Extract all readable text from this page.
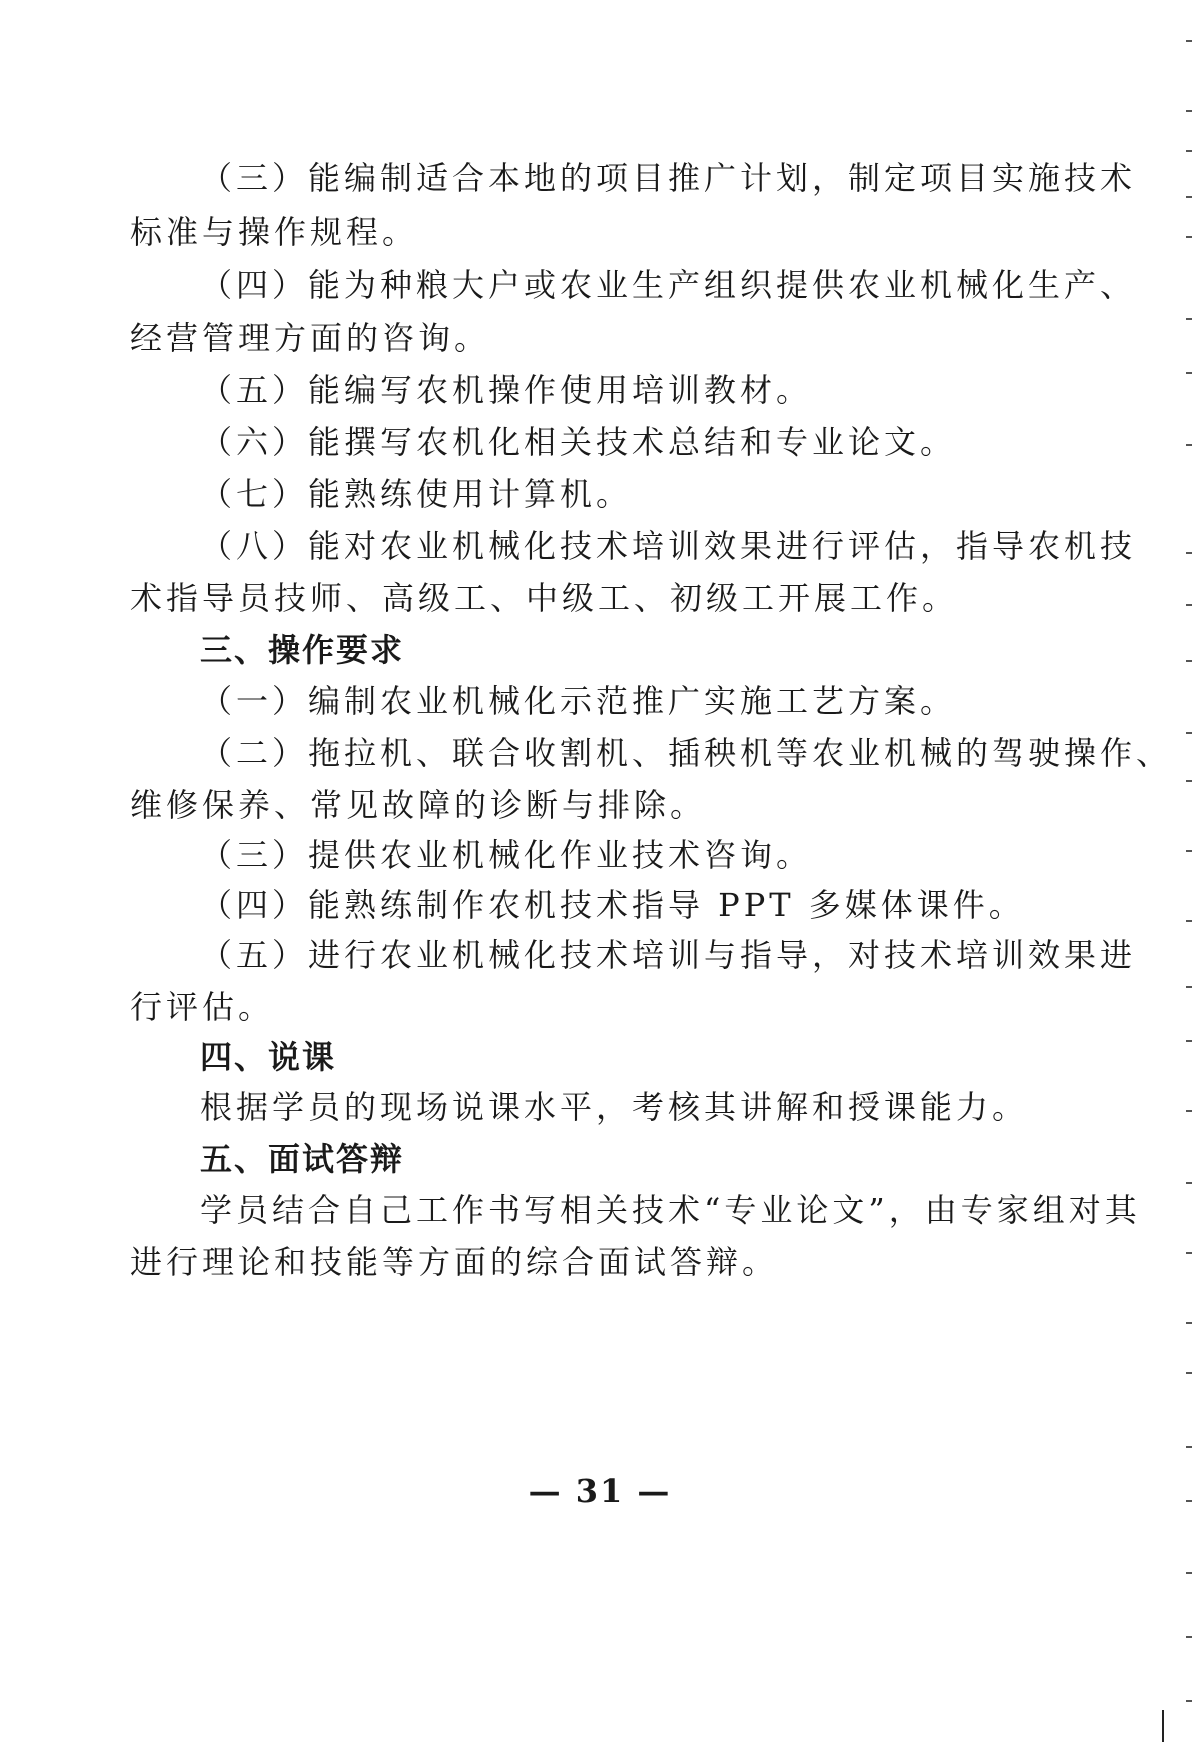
（三）能编制适合本地的项目推广计划，制定项目实施技术
标准与操作规程。
（四）能为种粮大户或农业生产组织提供农业机械化生产、
经营管理方面的咨询。
（五）能编写农机操作使用培训教材。
（六）能撰写农机化相关技术总结和专业论文。
（七）能熟练使用计算机。
（八）能对农业机械化技术培训效果进行评估，指导农机技
术指导员技师、高级工、中级工、初级工开展工作。
三、操作要求
（一）编制农业机械化示范推广实施工艺方案。
（二）拖拉机、联合收割机、插秧机等农业机械的驾驶操作、
维修保养、常见故障的诊断与排除。
（三）提供农业机械化作业技术咨询。
（四）能熟练制作农机技术指导 PPT 多媒体课件。
（五）进行农业机械化技术培训与指导，对技术培训效果进
行评估。
四、说课
根据学员的现场说课水平，考核其讲解和授课能力。
五、面试答辩
学员结合自己工作书写相关技术“专业论文”，由专家组对其
进行理论和技能等方面的综合面试答辩。
— 31 —
